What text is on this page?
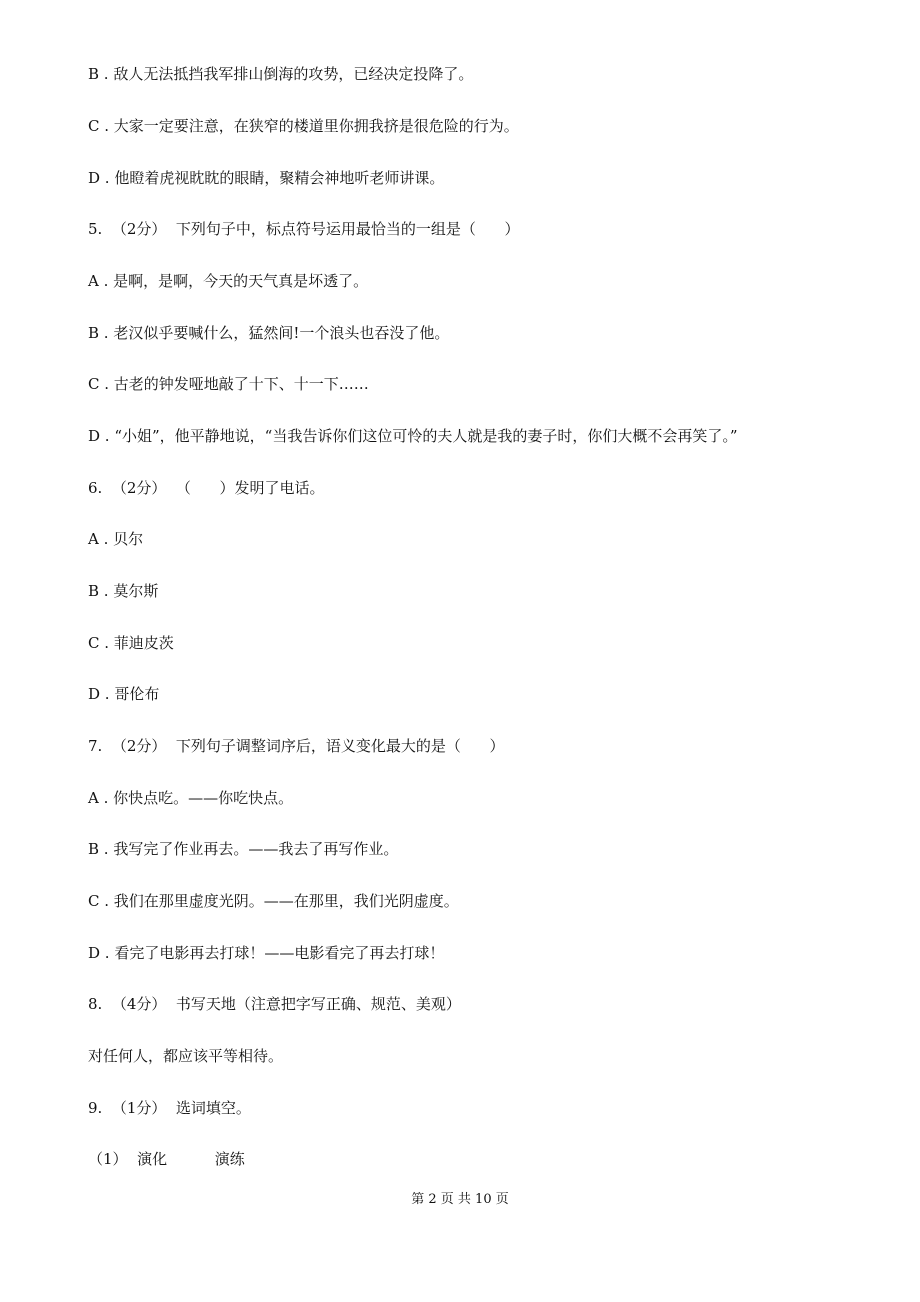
B . 敌人无法抵挡我军排山倒海的攻势，已经决定投降了。
C . 大家一定要注意，在狭窄的楼道里你拥我挤是很危险的行为。
D . 他瞪着虎视眈眈的眼睛，聚精会神地听老师讲课。
5.  （2分）  下列句子中，标点符号运用最恰当的一组是（      ）
A . 是啊，是啊，今天的天气真是坏透了。
B . 老汉似乎要喊什么，猛然间!一个浪头也吞没了他。
C . 古老的钟发哑地敲了十下、十一下……
D . “小姐”，他平静地说，“当我告诉你们这位可怜的夫人就是我的妻子时，你们大概不会再笑了。”
6.  （2分）  （      ）发明了电话。
A . 贝尔
B . 莫尔斯
C . 菲迪皮茨
D . 哥伦布
7.  （2分）  下列句子调整词序后，语义变化最大的是（      ）
A . 你快点吃。——你吃快点。
B . 我写完了作业再去。——我去了再写作业。
C . 我们在那里虚度光阴。——在那里，我们光阴虚度。
D . 看完了电影再去打球！——电影看完了再去打球！
8.  （4分）  书写天地（注意把字写正确、规范、美观）
对任何人，都应该平等相待。
9.  （1分）  选词填空。
（1）  演化          演练
第 2 页 共 10 页
